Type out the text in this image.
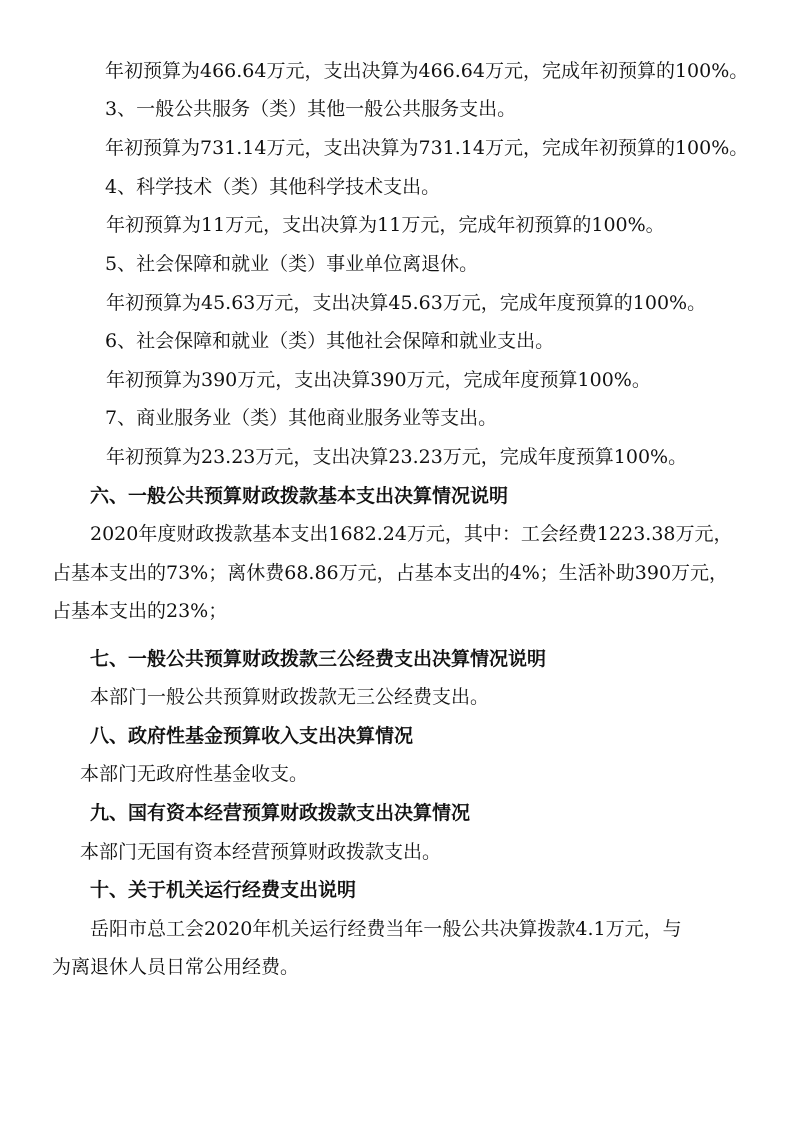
年初预算为466.64万元，支出决算为466.64万元，完成年初预算的100%。
3、一般公共服务（类）其他一般公共服务支出。
年初预算为731.14万元，支出决算为731.14万元，完成年初预算的100%。
4、科学技术（类）其他科学技术支出。
年初预算为11万元，支出决算为11万元，完成年初预算的100%。
5、社会保障和就业（类）事业单位离退休。
年初预算为45.63万元，支出决算45.63万元，完成年度预算的100%。
6、社会保障和就业（类）其他社会保障和就业支出。
年初预算为390万元，支出决算390万元，完成年度预算100%。
7、商业服务业（类）其他商业服务业等支出。
年初预算为23.23万元，支出决算23.23万元，完成年度预算100%。
六、一般公共预算财政拨款基本支出决算情况说明
2020年度财政拨款基本支出1682.24万元，其中：工会经费1223.38万元，
占基本支出的73%；离休费68.86万元，占基本支出的4%；生活补助390万元，
占基本支出的23%；
七、一般公共预算财政拨款三公经费支出决算情况说明
本部门一般公共预算财政拨款无三公经费支出。
八、政府性基金预算收入支出决算情况
本部门无政府性基金收支。
九、国有资本经营预算财政拨款支出决算情况
本部门无国有资本经营预算财政拨款支出。
十、关于机关运行经费支出说明
岳阳市总工会2020年机关运行经费当年一般公共决算拨款4.1万元，与
为离退休人员日常公用经费。
